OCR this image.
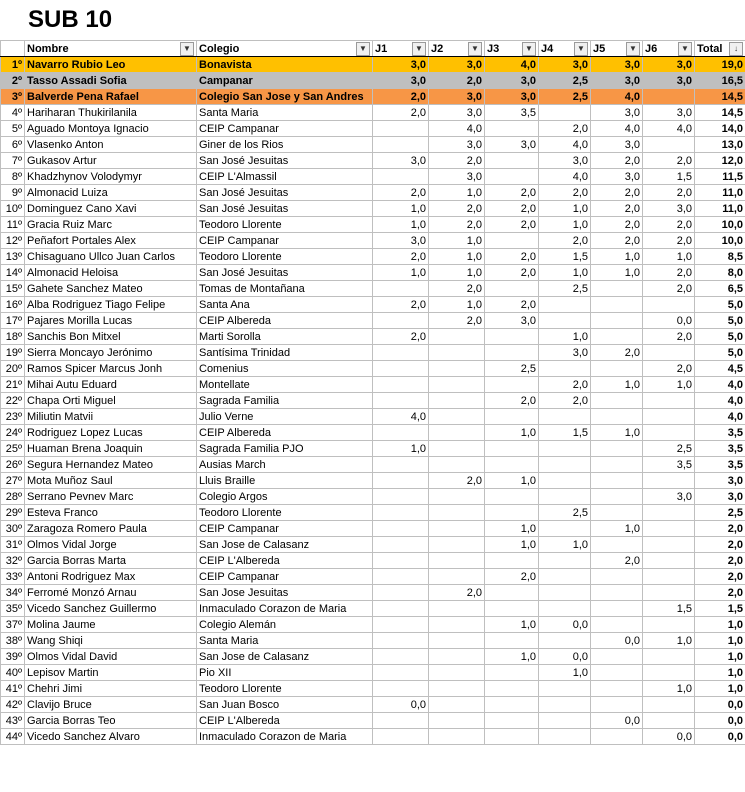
SUB 10
	Nombre ▼	Colegio ▼	J1 ▼	J2 ▼	J3 ▼	J4 ▼	J5 ▼	J6 ▼	Total ↓

1º	Navarro Rubio Leo	Bonavista	3,0	3,0	4,0	3,0	3,0	3,0	19,0
2º	Tasso Assadi Sofia	Campanar	3,0	2,0	3,0	2,5	3,0	3,0	16,5
3º	Balverde Pena Rafael	Colegio San Jose y San Andres	2,0	3,0	3,0	2,5	4,0		14,5
4º	Hariharan Thukirilanila	Santa Maria	2,0	3,0	3,5		3,0	3,0	14,5
5º	Aguado Montoya Ignacio	CEIP Campanar		4,0		2,0	4,0	4,0	14,0
6º	Vlasenko Anton	Giner de los Rios		3,0	3,0	4,0	3,0		13,0
7º	Gukasov Artur	San José Jesuitas	3,0	2,0		3,0	2,0	2,0	12,0
8º	Khadzhynov Volodymyr	CEIP L'Almassil		3,0		4,0	3,0	1,5	11,5
9º	Almonacid Luiza	San José Jesuitas	2,0	1,0	2,0	2,0	2,0	2,0	11,0
10º	Dominguez Cano Xavi	San José Jesuitas	1,0	2,0	2,0	1,0	2,0	3,0	11,0
11º	Gracia Ruiz Marc	Teodoro Llorente	1,0	2,0	2,0	1,0	2,0	2,0	10,0
12º	Peñafort Portales Alex	CEIP Campanar	3,0	1,0		2,0	2,0	2,0	10,0
13º	Chisaguano Ullco Juan Carlos	Teodoro Llorente	2,0	1,0	2,0	1,5	1,0	1,0	8,5
14º	Almonacid Heloisa	San José Jesuitas	1,0	1,0	2,0	1,0	1,0	2,0	8,0
15º	Gahete Sanchez Mateo	Tomas de Montañana		2,0		2,5		2,0	6,5
16º	Alba Rodriguez Tiago Felipe	Santa Ana	2,0	1,0	2,0				5,0
17º	Pajares Morilla Lucas	CEIP Albereda		2,0	3,0			0,0	5,0
18º	Sanchis Bon Mitxel	Marti Sorolla	2,0			1,0		2,0	5,0
19º	Sierra Moncayo Jerónimo	Santísima Trinidad				3,0	2,0		5,0
20º	Ramos Spicer Marcus Jonh	Comenius			2,5			2,0	4,5
21º	Mihai Autu Eduard	Montellate				2,0	1,0	1,0	4,0
22º	Chapa Orti Miguel	Sagrada Familia			2,0	2,0			4,0
23º	Miliutin Matvii	Julio Verne	4,0						4,0
24º	Rodriguez Lopez Lucas	CEIP Albereda			1,0	1,5	1,0		3,5
25º	Huaman Brena Joaquin	Sagrada Familia PJO	1,0					2,5	3,5
26º	Segura Hernandez Mateo	Ausias March						3,5	3,5
27º	Mota Muñoz Saul	Lluis Braille		2,0	1,0				3,0
28º	Serrano Pevnev Marc	Colegio Argos						3,0	3,0
29º	Esteva Franco	Teodoro Llorente				2,5			2,5
30º	Zaragoza Romero Paula	CEIP Campanar			1,0		1,0		2,0
31º	Olmos Vidal Jorge	San Jose de Calasanz			1,0	1,0			2,0
32º	Garcia Borras Marta	CEIP L'Albereda					2,0		2,0
33º	Antoni Rodriguez Max	CEIP Campanar			2,0				2,0
34º	Ferromé Monzó Arnau	San Jose Jesuitas		2,0					2,0
35º	Vicedo Sanchez Guillermo	Inmaculado Corazon de Maria						1,5	1,5
37º	Molina Jaume	Colegio Alemán			1,0	0,0			1,0
38º	Wang Shiqi	Santa Maria					0,0	1,0	1,0
39º	Olmos Vidal David	San Jose de Calasanz			1,0	0,0			1,0
40º	Lepisov Martin	Pio XII				1,0			1,0
41º	Chehri Jimi	Teodoro Llorente						1,0	1,0
42º	Clavijo Bruce	San Juan Bosco	0,0						0,0
43º	Garcia Borras Teo	CEIP L'Albereda					0,0		0,0
44º	Vicedo Sanchez Alvaro	Inmaculado Corazon de Maria						0,0	0,0
